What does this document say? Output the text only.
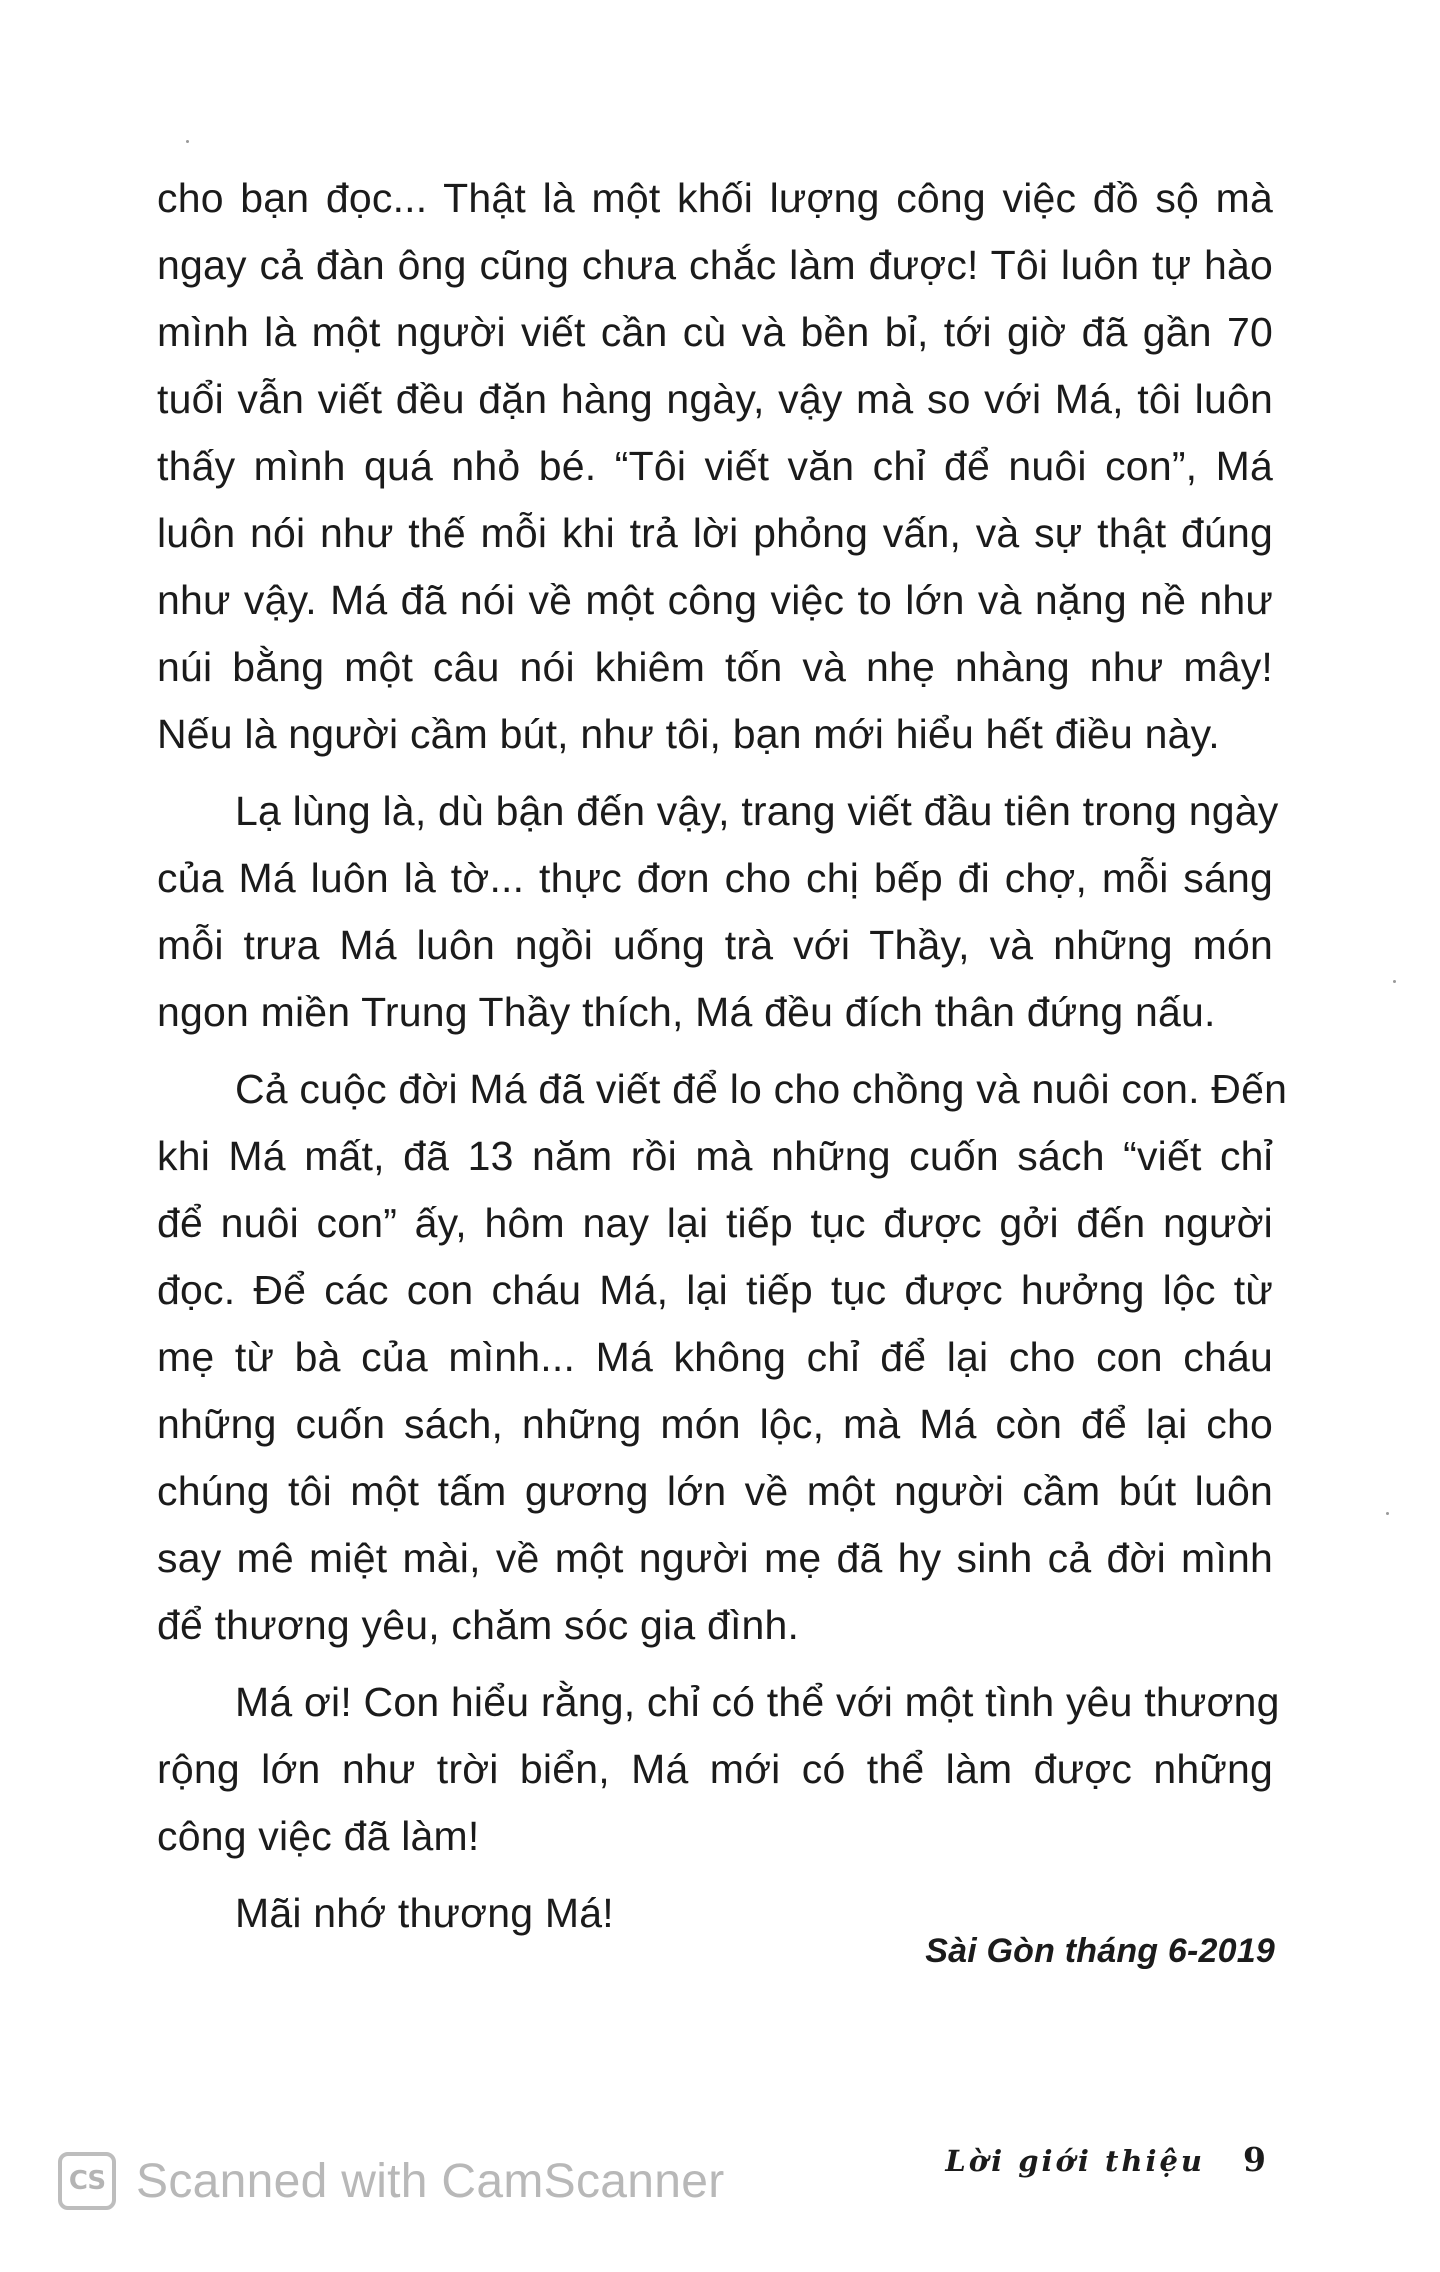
cho bạn đọc... Thật là một khối lượng công việc đồ sộ mà
ngay cả đàn ông cũng chưa chắc làm được! Tôi luôn tự hào
mình là một người viết cần cù và bền bỉ, tới giờ đã gần 70
tuổi vẫn viết đều đặn hàng ngày, vậy mà so với Má, tôi luôn
thấy mình quá nhỏ bé. “Tôi viết văn chỉ để nuôi con”, Má
luôn nói như thế mỗi khi trả lời phỏng vấn, và sự thật đúng
như vậy. Má đã nói về một công việc to lớn và nặng nề như
núi bằng một câu nói khiêm tốn và nhẹ nhàng như mây!
Nếu là người cầm bút, như tôi, bạn mới hiểu hết điều này.
Lạ lùng là, dù bận đến vậy, trang viết đầu tiên trong ngày
của Má luôn là tờ... thực đơn cho chị bếp đi chợ, mỗi sáng
mỗi trưa Má luôn ngồi uống trà với Thầy, và những món
ngon miền Trung Thầy thích, Má đều đích thân đứng nấu.
Cả cuộc đời Má đã viết để lo cho chồng và nuôi con. Đến
khi Má mất, đã 13 năm rồi mà những cuốn sách “viết chỉ
để nuôi con” ấy, hôm nay lại tiếp tục được gởi đến người
đọc. Để các con cháu Má, lại tiếp tục được hưởng lộc từ
mẹ từ bà của mình... Má không chỉ để lại cho con cháu
những cuốn sách, những món lộc, mà Má còn để lại cho
chúng tôi một tấm gương lớn về một người cầm bút luôn
say mê miệt mài, về một người mẹ đã hy sinh cả đời mình
để thương yêu, chăm sóc gia đình.
Má ơi! Con hiểu rằng, chỉ có thể với một tình yêu thương
rộng lớn như trời biển, Má mới có thể làm được những
công việc đã làm!
Mãi nhớ thương Má!
Sài Gòn tháng 6-2019
Lời giới thiệu 9
CS Scanned with CamScanner
